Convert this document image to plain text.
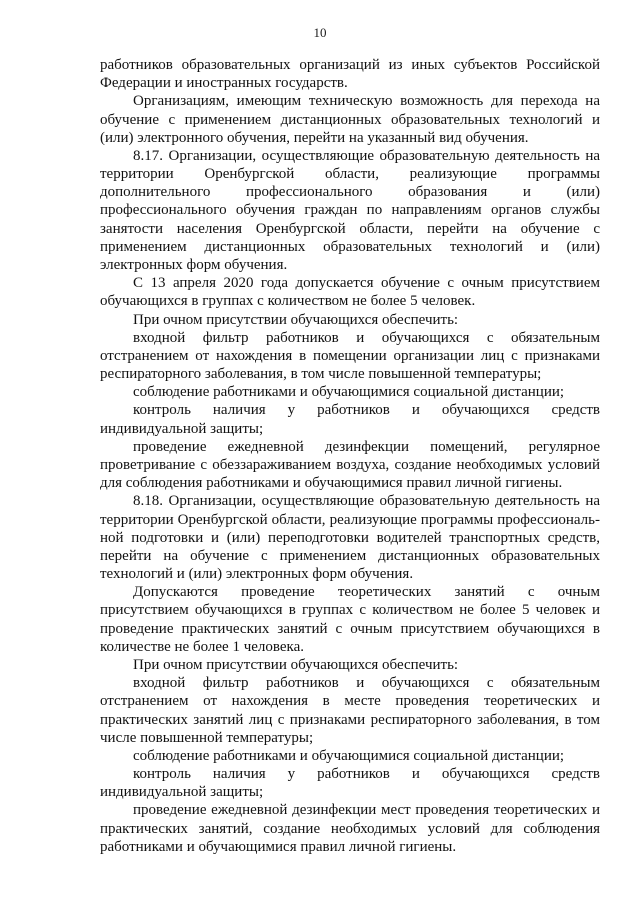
10
работников образовательных организаций из иных субъектов Российской
Федерации и иностранных государств.
Организациям, имеющим техническую возможность для перехода на
обучение с применением дистанционных образовательных технологий и
(или) электронного обучения, перейти на указанный вид обучения.
8.17. Организации, осуществляющие образовательную деятельность на
территории Оренбургской области, реализующие программы
дополнительного профессионального образования и (или)
профессионального обучения граждан по направлениям органов службы
занятости населения Оренбургской области, перейти на обучение с
применением дистанционных образовательных технологий и (или)
электронных форм обучения.
С 13 апреля 2020 года допускается обучение с очным присутствием
обучающихся в группах с количеством не более 5 человек.
При очном присутствии обучающихся обеспечить:
входной фильтр работников и обучающихся с обязательным
отстранением от нахождения в помещении организации лиц с признаками
респираторного заболевания, в том числе повышенной температуры;
соблюдение работниками и обучающимися социальной дистанции;
контроль наличия у работников и обучающихся средств
индивидуальной защиты;
проведение ежедневной дезинфекции помещений, регулярное
проветривание с обеззараживанием воздуха, создание необходимых условий
для соблюдения работниками и обучающимися правил личной гигиены.
8.18. Организации, осуществляющие образовательную деятельность на
территории Оренбургской области, реализующие программы профессиональ-
ной подготовки и (или) переподготовки водителей транспортных средств,
перейти на обучение с применением дистанционных образовательных
технологий и (или) электронных форм обучения.
Допускаются проведение теоретических занятий с очным
присутствием обучающихся в группах с количеством не более 5 человек и
проведение практических занятий с очным присутствием обучающихся в
количестве не более 1 человека.
При очном присутствии обучающихся обеспечить:
входной фильтр работников и обучающихся с обязательным
отстранением от нахождения в месте проведения теоретических и
практических занятий лиц с признаками респираторного заболевания, в том
числе повышенной температуры;
соблюдение работниками и обучающимися социальной дистанции;
контроль наличия у работников и обучающихся средств
индивидуальной защиты;
проведение ежедневной дезинфекции мест проведения теоретических и
практических занятий, создание необходимых условий для соблюдения
работниками и обучающимися правил личной гигиены.
